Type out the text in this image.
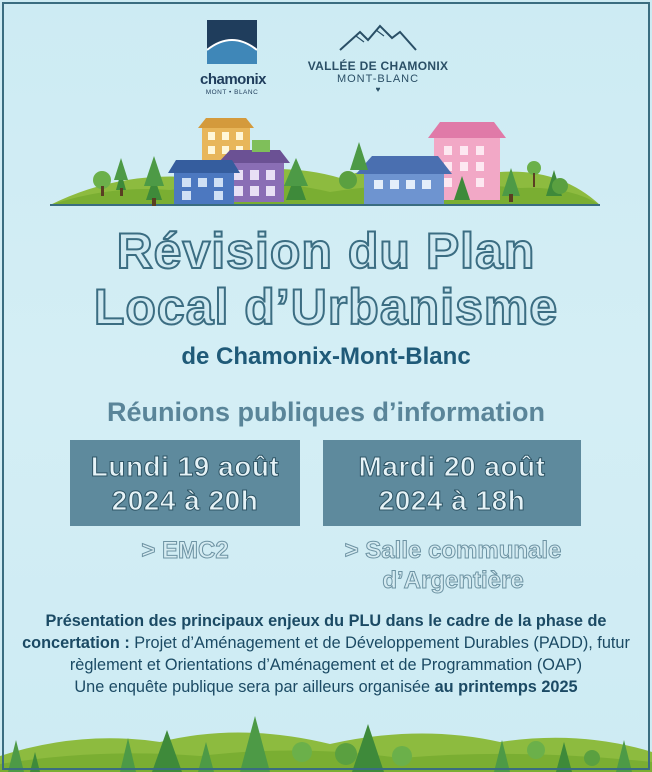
chamonix
MONT • BLANC
VALLÉE DE CHAMONIX
MONT-BLANC
♥
Révision du Plan
Local d’Urbanisme
de Chamonix-Mont-Blanc
Réunions publiques d’information
Lundi 19 août
2024 à 20h
Mardi 20 août
2024 à 18h
> EMC2	> Salle communale
d’Argentière
Présentation des principaux enjeux du PLU dans le cadre de la phase de concertation : Projet d’Aménagement et de Développement Durables (PADD), futur règlement et Orientations d’Aménagement et de Programmation (OAP)
Une enquête publique sera par ailleurs organisée au printemps 2025
